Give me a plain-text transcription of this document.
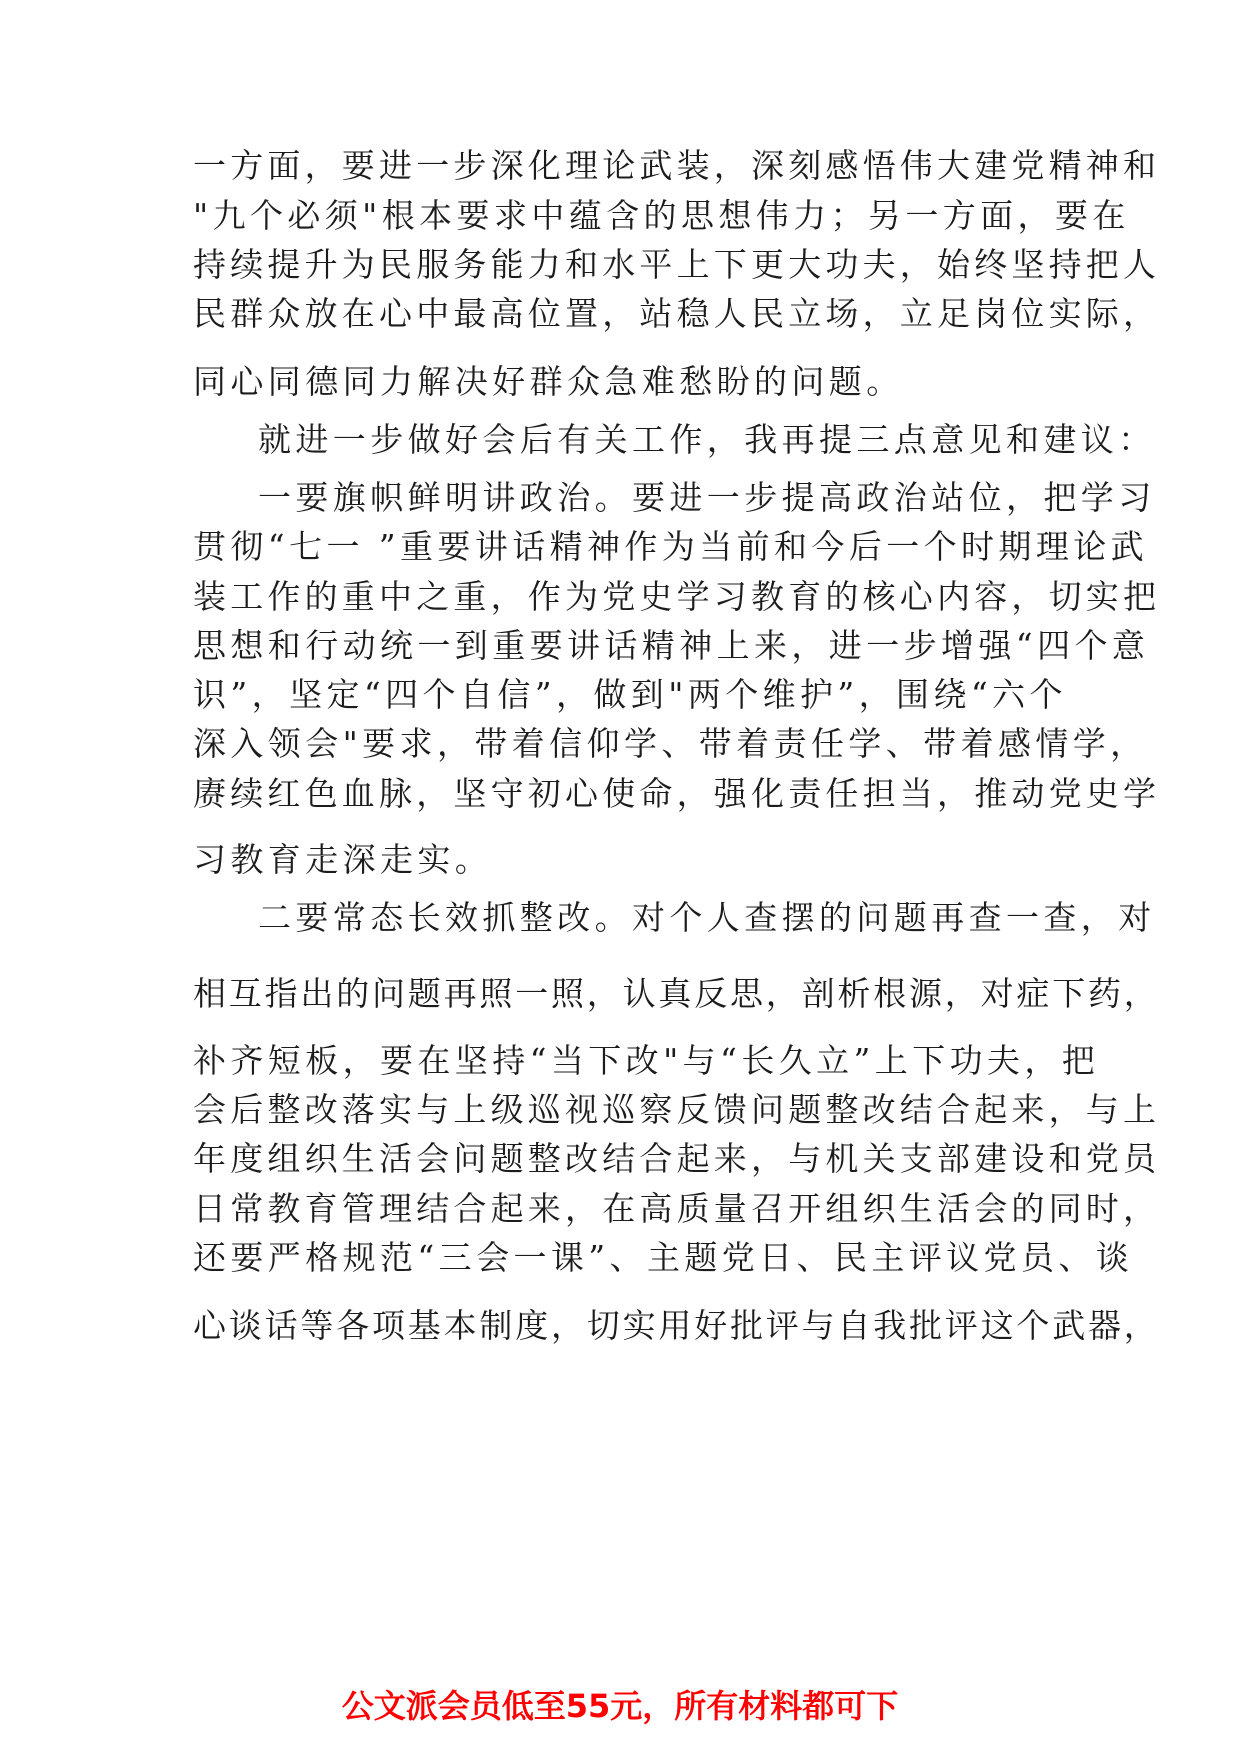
一方面，要进一步深化理论武装，深刻感悟伟大建党精神和
"九个必须"根本要求中蕴含的思想伟力；另一方面，要在
持续提升为民服务能力和水平上下更大功夫，始终坚持把人
民群众放在心中最高位置，站稳人民立场，立足岗位实际，
同心同德同力解决好群众急难愁盼的问题。
就进一步做好会后有关工作，我再提三点意见和建议：
一要旗帜鲜明讲政治。要进一步提高政治站位，把学习
贯彻“七一 ”重要讲话精神作为当前和今后一个时期理论武
装工作的重中之重，作为党史学习教育的核心内容，切实把
思想和行动统一到重要讲话精神上来，进一步增强“四个意
识”，坚定“四个自信”，做到"两个维护”，围绕“六个
深入领会"要求，带着信仰学、带着责任学、带着感情学，
赓续红色血脉，坚守初心使命，强化责任担当，推动党史学
习教育走深走实。
二要常态长效抓整改。对个人查摆的问题再查一查，对
相互指出的问题再照一照，认真反思，剖析根源，对症下药，
补齐短板，要在坚持“当下改"与“长久立”上下功夫，把
会后整改落实与上级巡视巡察反馈问题整改结合起来，与上
年度组织生活会问题整改结合起来，与机关支部建设和党员
日常教育管理结合起来，在高质量召开组织生活会的同时，
还要严格规范“三会一课”、主题党日、民主评议党员、谈
心谈话等各项基本制度，切实用好批评与自我批评这个武器，
公文派会员低至55元，所有材料都可下
